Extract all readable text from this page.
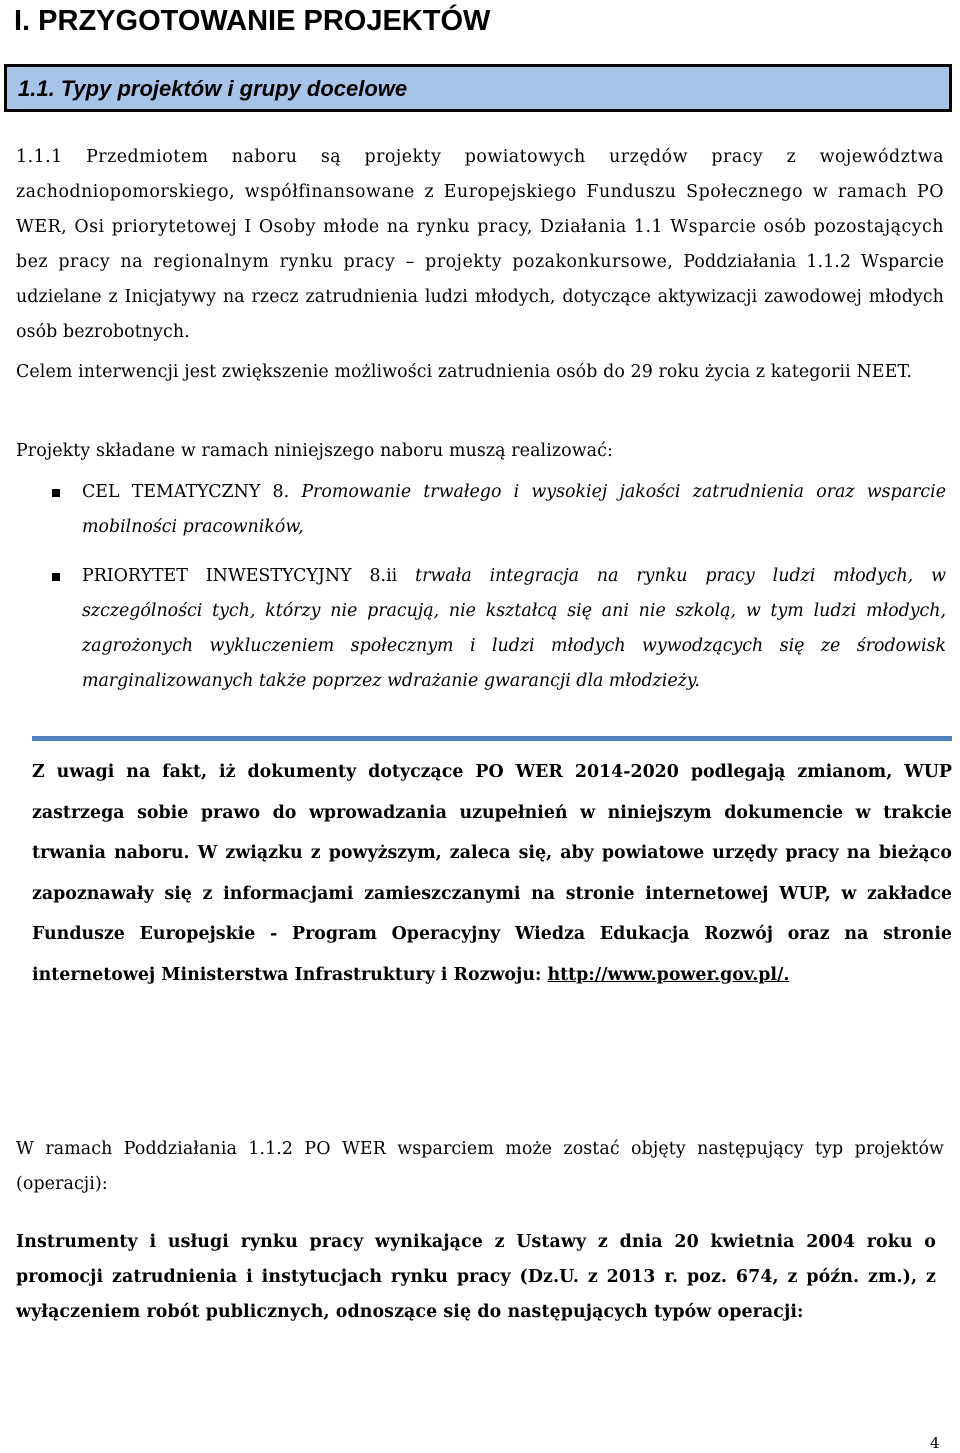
I. PRZYGOTOWANIE PROJEKTÓW
1.1. Typy projektów i grupy docelowe

1.1.1 Przedmiotem naboru są projekty powiatowych urzędów pracy z województwa zachodniopomorskiego, współfinansowane z Europejskiego Funduszu Społecznego w ramach PO WER, Osi priorytetowej I Osoby młode na rynku pracy, Działania 1.1 Wsparcie osób pozostających bez pracy na regionalnym rynku pracy – projekty pozakonkursowe, Poddziałania 1.1.2 Wsparcie udzielane z Inicjatywy na rzecz zatrudnienia ludzi młodych, dotyczące aktywizacji zawodowej młodych osób bezrobotnych.

Celem interwencji jest zwiększenie możliwości zatrudnienia osób do 29 roku życia z kategorii NEET.

Projekty składane w ramach niniejszego naboru muszą realizować:

CEL TEMATYCZNY 8. Promowanie trwałego i wysokiej jakości zatrudnienia oraz wsparcie mobilności pracowników,
PRIORYTET INWESTYCYJNY 8.ii trwała integracja na rynku pracy ludzi młodych, w szczególności tych, którzy nie pracują, nie kształcą się ani nie szkolą, w tym ludzi młodych, zagrożonych wykluczeniem społecznym i ludzi młodych wywodzących się ze środowisk marginalizowanych także poprzez wdrażanie gwarancji dla młodzieży.

Z uwagi na fakt, iż dokumenty dotyczące PO WER 2014-2020 podlegają zmianom, WUP zastrzega sobie prawo do wprowadzania uzupełnień w niniejszym dokumencie w trakcie trwania naboru. W związku z powyższym, zaleca się, aby powiatowe urzędy pracy na bieżąco zapoznawały się z informacjami zamieszczanymi na stronie internetowej WUP, w zakładce Fundusze Europejskie - Program Operacyjny Wiedza Edukacja Rozwój oraz na stronie internetowej Ministerstwa Infrastruktury i Rozwoju: http://www.power.gov.pl/.

W ramach Poddziałania 1.1.2 PO WER wsparciem może zostać objęty następujący typ projektów (operacji):

Instrumenty i usługi rynku pracy wynikające z Ustawy z dnia 20 kwietnia 2004 roku o promocji zatrudnienia i instytucjach rynku pracy (Dz.U. z 2013 r. poz. 674, z późn. zm.), z wyłączeniem robót publicznych, odnoszące się do następujących typów operacji:

4
